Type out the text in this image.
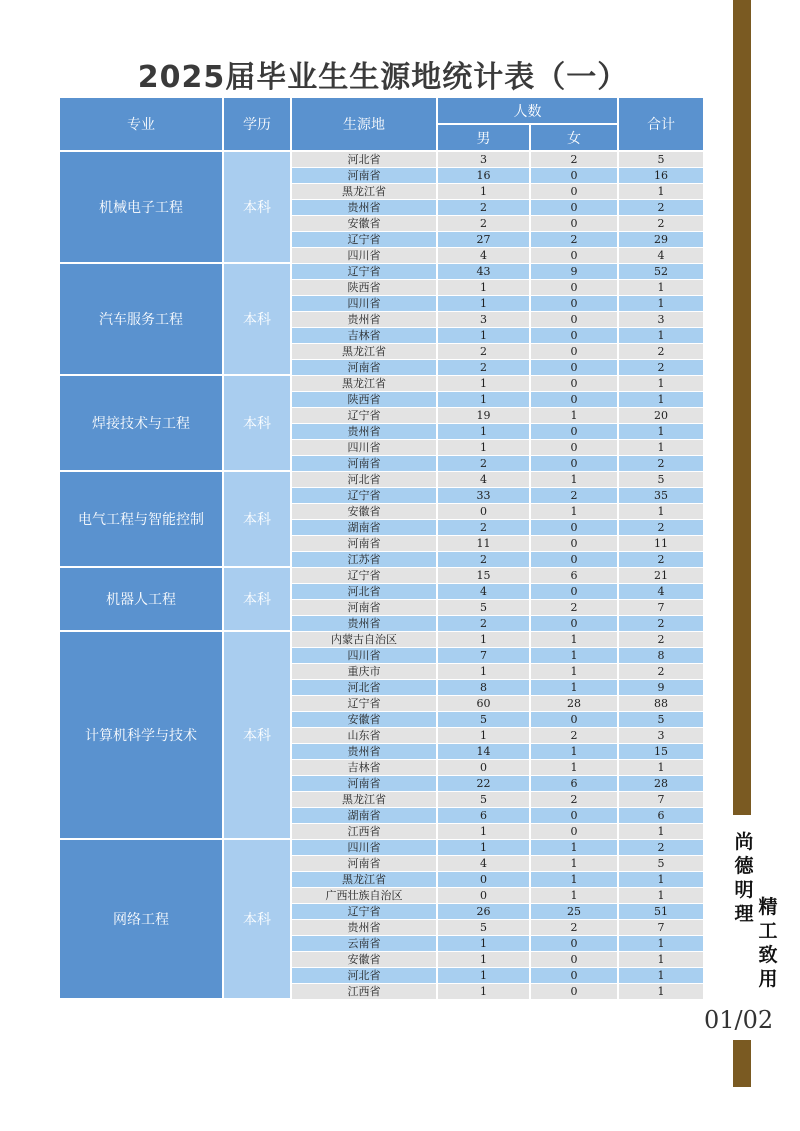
2025届毕业生生源地统计表（一）
专业	学历	生源地	人数		合计
			男	女	
机械电子工程	本科	河北省	3	2	5
		河南省	16	0	16
		黑龙江省	1	0	1
		贵州省	2	0	2
		安徽省	2	0	2
		辽宁省	27	2	29
		四川省	4	0	4
汽车服务工程	本科	辽宁省	43	9	52
		陕西省	1	0	1
		四川省	1	0	1
		贵州省	3	0	3
		吉林省	1	0	1
		黑龙江省	2	0	2
		河南省	2	0	2
焊接技术与工程	本科	黑龙江省	1	0	1
		陕西省	1	0	1
		辽宁省	19	1	20
		贵州省	1	0	1
		四川省	1	0	1
		河南省	2	0	2
电气工程与智能控制	本科	河北省	4	1	5
		辽宁省	33	2	35
		安徽省	0	1	1
		湖南省	2	0	2
		河南省	11	0	11
		江苏省	2	0	2
机器人工程	本科	辽宁省	15	6	21
		河北省	4	0	4
		河南省	5	2	7
		贵州省	2	0	2
计算机科学与技术	本科	内蒙古自治区	1	1	2
		四川省	7	1	8
		重庆市	1	1	2
		河北省	8	1	9
		辽宁省	60	28	88
		安徽省	5	0	5
		山东省	1	2	3
		贵州省	14	1	15
		吉林省	0	1	1
		河南省	22	6	28
		黑龙江省	5	2	7
		湖南省	6	0	6
		江西省	1	0	1
网络工程	本科	四川省	1	1	2
		河南省	4	1	5
		黑龙江省	0	1	1
		广西壮族自治区	0	1	1
		辽宁省	26	25	51
		贵州省	5	2	7
		云南省	1	0	1
		安徽省	1	0	1
		河北省	1	0	1
		江西省	1	0	1
尚
德
明
理 精
工
致
用
01/02
